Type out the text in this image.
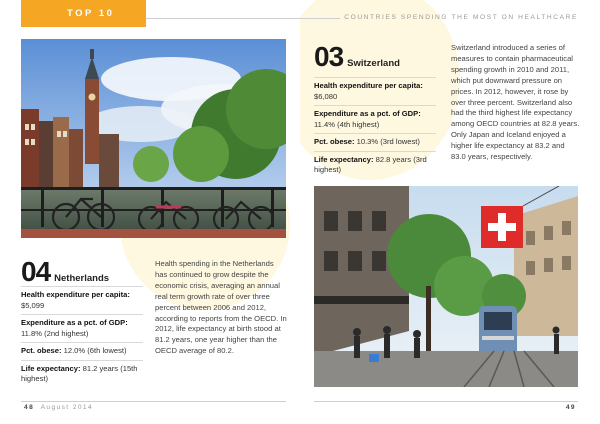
TOP 10
04 Netherlands
Health expenditure per capita: $5,099
Expenditure as a pct. of GDP: 11.8% (2nd highest)
Pct. obese: 12.0% (6th lowest)
Life expectancy: 81.2 years (15th highest)
Health spending in the Netherlands has continued to grow despite the economic crisis, averaging an annual real term growth rate of over three percent between 2006 and 2012, according to reports from the OECD. In 2012, life expectancy at birth stood at 81.2 years, one year higher than the OECD average of 80.2.
48 August 2014
COUNTRIES SPENDING THE MOST ON HEALTHCARE
03 Switzerland
Health expenditure per capita: $6,080
Expenditure as a pct. of GDP: 11.4% (4th highest)
Pct. obese: 10.3% (3rd lowest)
Life expectancy: 82.8 years (3rd highest)
Switzerland introduced a series of measures to contain pharmaceutical spending growth in 2010 and 2011, which put downward pressure on prices. In 2012, however, it rose by over three percent. Switzerland also had the third highest life expectancy among OECD countries at 82.8 years. Only Japan and Iceland enjoyed a higher life expectancy at 83.2 and 83.0 years, respectively.
49
